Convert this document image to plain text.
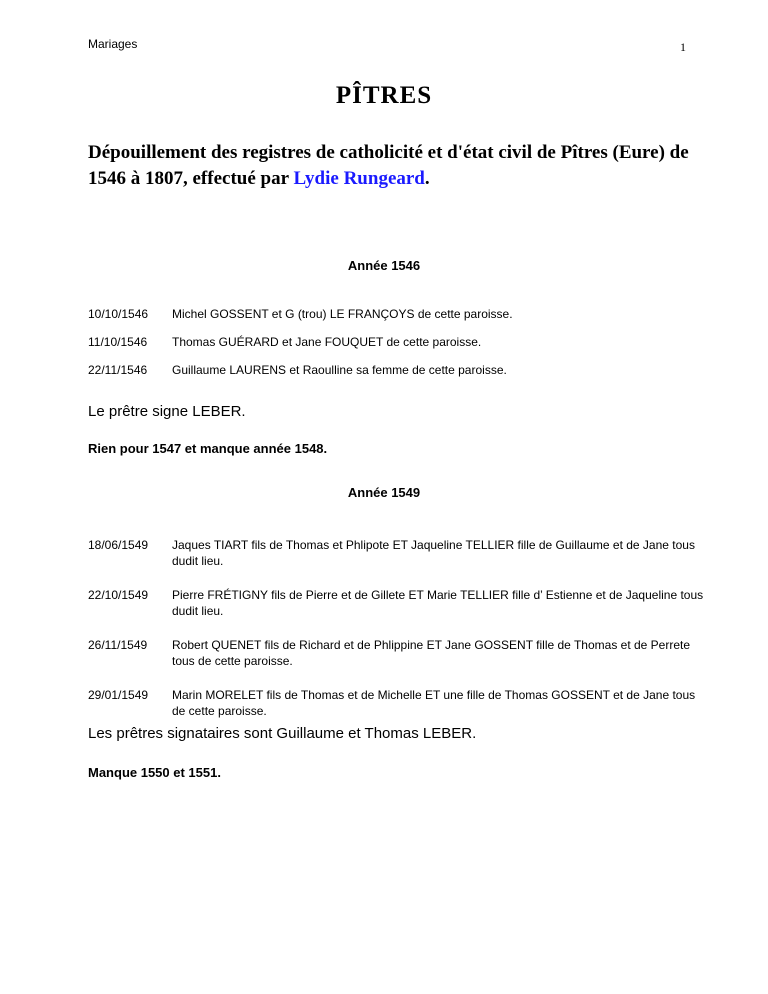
Mariages	1
PÎTRES
Dépouillement des registres de catholicité et d'état civil de Pîtres (Eure) de 1546 à 1807, effectué par Lydie Rungeard.
Année 1546
10/10/1546	Michel GOSSENT et G (trou) LE FRANÇOYS de cette paroisse.
11/10/1546	Thomas GUÉRARD et Jane FOUQUET de cette paroisse.
22/11/1546	Guillaume LAURENS et Raoulline sa femme de cette paroisse.
Le prêtre signe LEBER.
Rien pour 1547 et manque année 1548.
Année 1549
18/06/1549	Jaques TIART fils de Thomas et Phlipote ET Jaqueline TELLIER fille de Guillaume et de Jane tous dudit lieu.
22/10/1549	Pierre FRÉTIGNY fils de Pierre et de Gillete ET Marie TELLIER fille d’ Estienne et de Jaqueline tous dudit lieu.
26/11/1549	Robert QUENET fils de Richard et de Phlippine ET Jane GOSSENT fille de Thomas et de Perrete tous de cette paroisse.
29/01/1549	Marin MORELET fils de Thomas et de Michelle ET une fille de Thomas GOSSENT et de Jane tous de cette paroisse.
Les prêtres signataires sont Guillaume et Thomas LEBER.
Manque 1550 et 1551.
